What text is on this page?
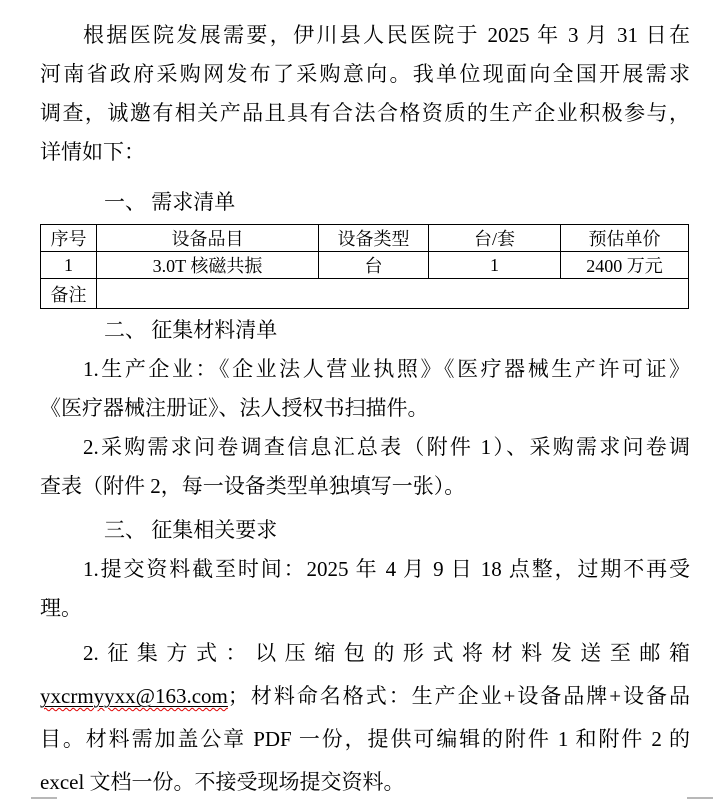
根据医院发展需要，伊川县人民医院于 2025 年 3 月 31 日在
河南省政府采购网发布了采购意向。我单位现面向全国开展需求
调查，诚邀有相关产品且具有合法合格资质的生产企业积极参与，
详情如下：
一、 需求清单
序号	设备品目	设备类型	台/套	预估单价
1	3.0T 核磁共振	台	1	2400 万元
备注				
二、 征集材料清单
1.生产企业：《企业法人营业执照》《医疗器械生产许可证》
《医疗器械注册证》、法人授权书扫描件。
2.采购需求问卷调查信息汇总表（附件 1）、采购需求问卷调
查表（附件 2，每一设备类型单独填写一张）。
三、 征集相关要求
1.提交资料截至时间：2025 年 4 月 9 日 18 点整，过期不再受
理。
2.征集方式：以压缩包的形式将材料发送至邮箱
yxcrmyyxx@163.com；材料命名格式：生产企业+设备品牌+设备品
目。材料需加盖公章 PDF 一份，提供可编辑的附件 1 和附件 2 的
excel 文档一份。不接受现场提交资料。
